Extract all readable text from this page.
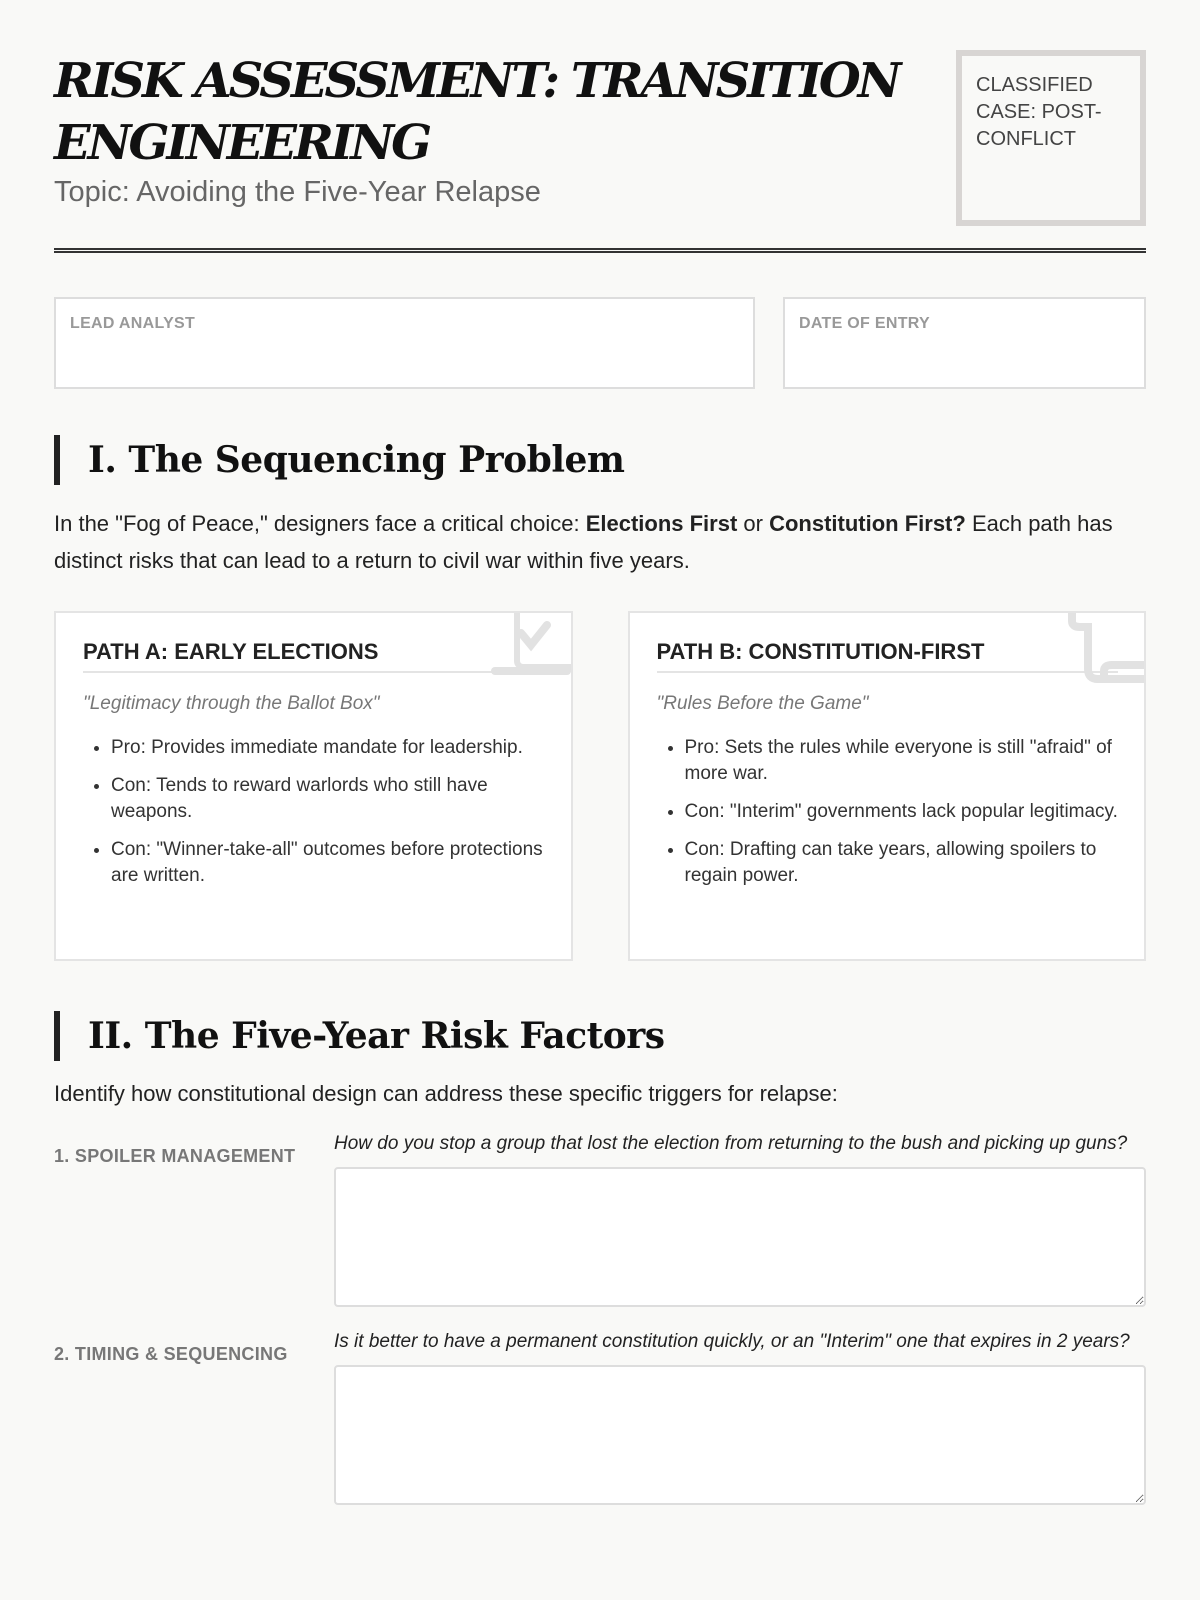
RISK ASSESSMENT: TRANSITION ENGINEERING
Topic: Avoiding the Five-Year Relapse
CLASSIFIED CASE: POST-CONFLICT
LEAD ANALYST	DATE OF ENTRY
I. The Sequencing Problem

In the "Fog of Peace," designers face a critical choice: Elections First or Constitution First? Each path has distinct risks that can lead to a return to civil war within five years.

PATH A: EARLY ELECTIONS
"Legitimacy through the Ballot Box"
• Pro: Provides immediate mandate for leadership.
• Con: Tends to reward warlords who still have weapons.
• Con: "Winner-take-all" outcomes before protections are written.
PATH B: CONSTITUTION-FIRST
"Rules Before the Game"
• Pro: Sets the rules while everyone is still "afraid" of more war.
• Con: "Interim" governments lack popular legitimacy.
• Con: Drafting can take years, allowing spoilers to regain power.
II. The Five-Year Risk Factors

Identify how constitutional design can address these specific triggers for relapse:

1. SPOILER MANAGEMENT
How do you stop a group that lost the election from returning to the bush and picking up guns?
2. TIMING & SEQUENCING
Is it better to have a permanent constitution quickly, or an "Interim" one that expires in 2 years?
